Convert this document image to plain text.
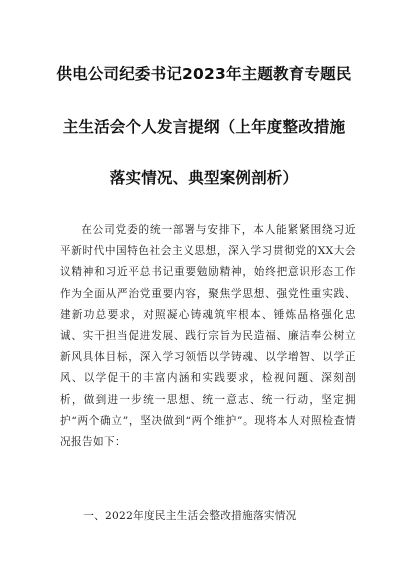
供电公司纪委书记2023年主题教育专题民
主生活会个人发言提纲（上年度整改措施
落实情况、典型案例剖析）
在公司党委的统一部署与安排下，本人能紧紧围绕习近平新时代中国特色社会主义思想，深入学习贯彻党的XX大会议精神和习近平总书记重要勉励精神，始终把意识形态工作作为全面从严治党重要内容，聚焦学思想、强党性重实践、建新功总要求，对照凝心铸魂筑牢根本、锤炼品格强化忠诚、实干担当促进发展、践行宗旨为民造福、廉洁奉公树立新风具体目标，深入学习领悟以学铸魂、以学增智、以学正风、以学促干的丰富内涵和实践要求，检视问题、深刻剖析，做到进一步统一思想、统一意志、统一行动，坚定拥护“两个确立”，坚决做到“两个维护”。现将本人对照检查情况报告如下：
一、2022年度民主生活会整改措施落实情况
